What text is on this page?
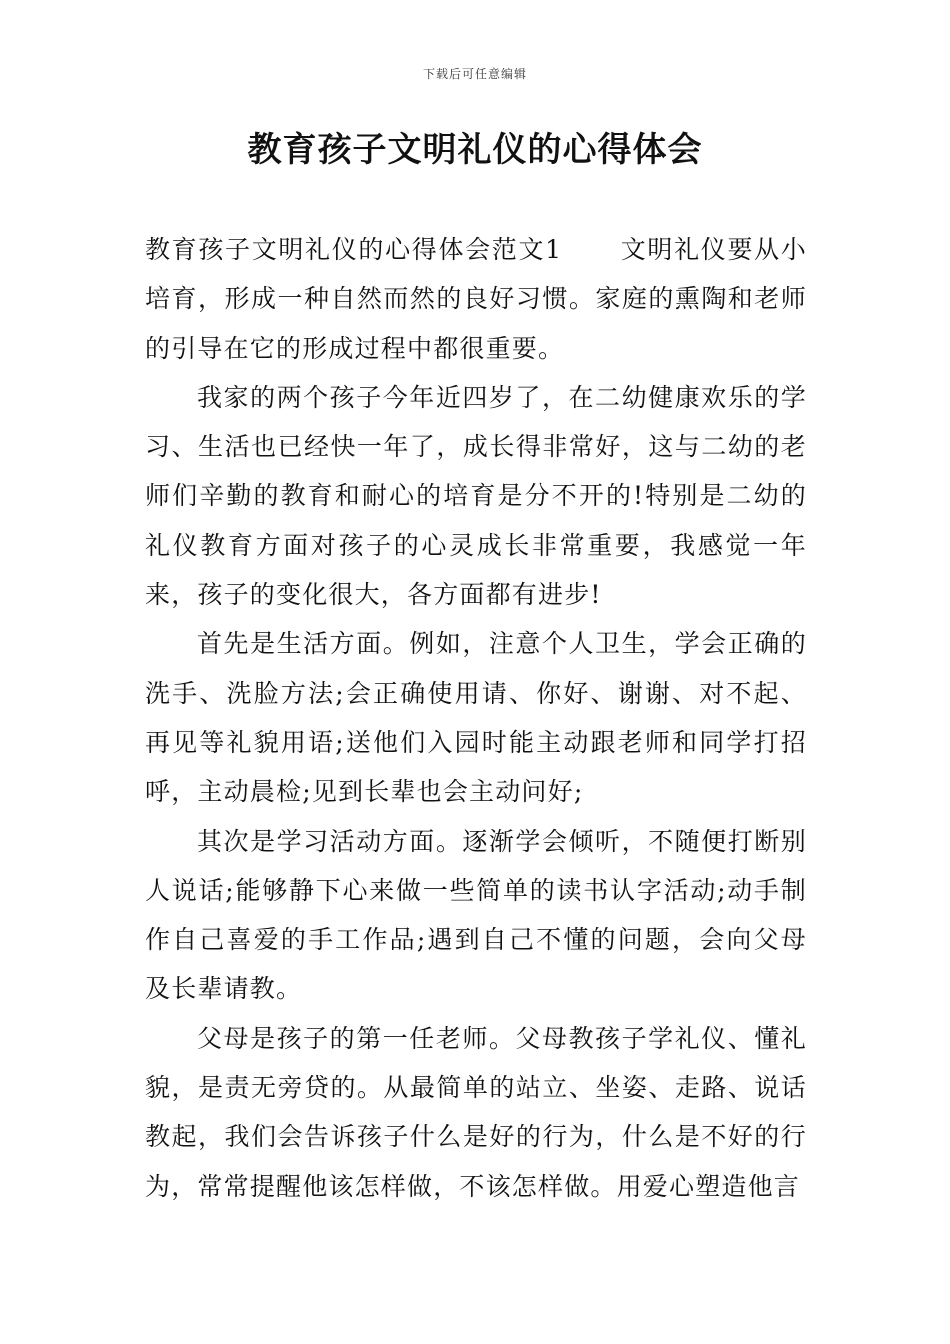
下载后可任意编辑
教育孩子文明礼仪的心得体会

教育孩子文明礼仪的心得体会范文1 文明礼仪要从小培育，形成一种自然而然的良好习惯。家庭的熏陶和老师的引导在它的形成过程中都很重要。

我家的两个孩子今年近四岁了，在二幼健康欢乐的学习、生活也已经快一年了，成长得非常好，这与二幼的老师们辛勤的教育和耐心的培育是分不开的!特别是二幼的礼仪教育方面对孩子的心灵成长非常重要，我感觉一年来，孩子的变化很大，各方面都有进步!

首先是生活方面。例如，注意个人卫生，学会正确的洗手、洗脸方法;会正确使用请、你好、谢谢、对不起、再见等礼貌用语;送他们入园时能主动跟老师和同学打招呼，主动晨检;见到长辈也会主动问好;

其次是学习活动方面。逐渐学会倾听，不随便打断别人说话;能够静下心来做一些简单的读书认字活动;动手制作自己喜爱的手工作品;遇到自己不懂的问题，会向父母及长辈请教。

父母是孩子的第一任老师。父母教孩子学礼仪、懂礼貌，是责无旁贷的。从最简单的站立、坐姿、走路、说话教起，我们会告诉孩子什么是好的行为，什么是不好的行为，常常提醒他该怎样做，不该怎样做。用爱心塑造他言
